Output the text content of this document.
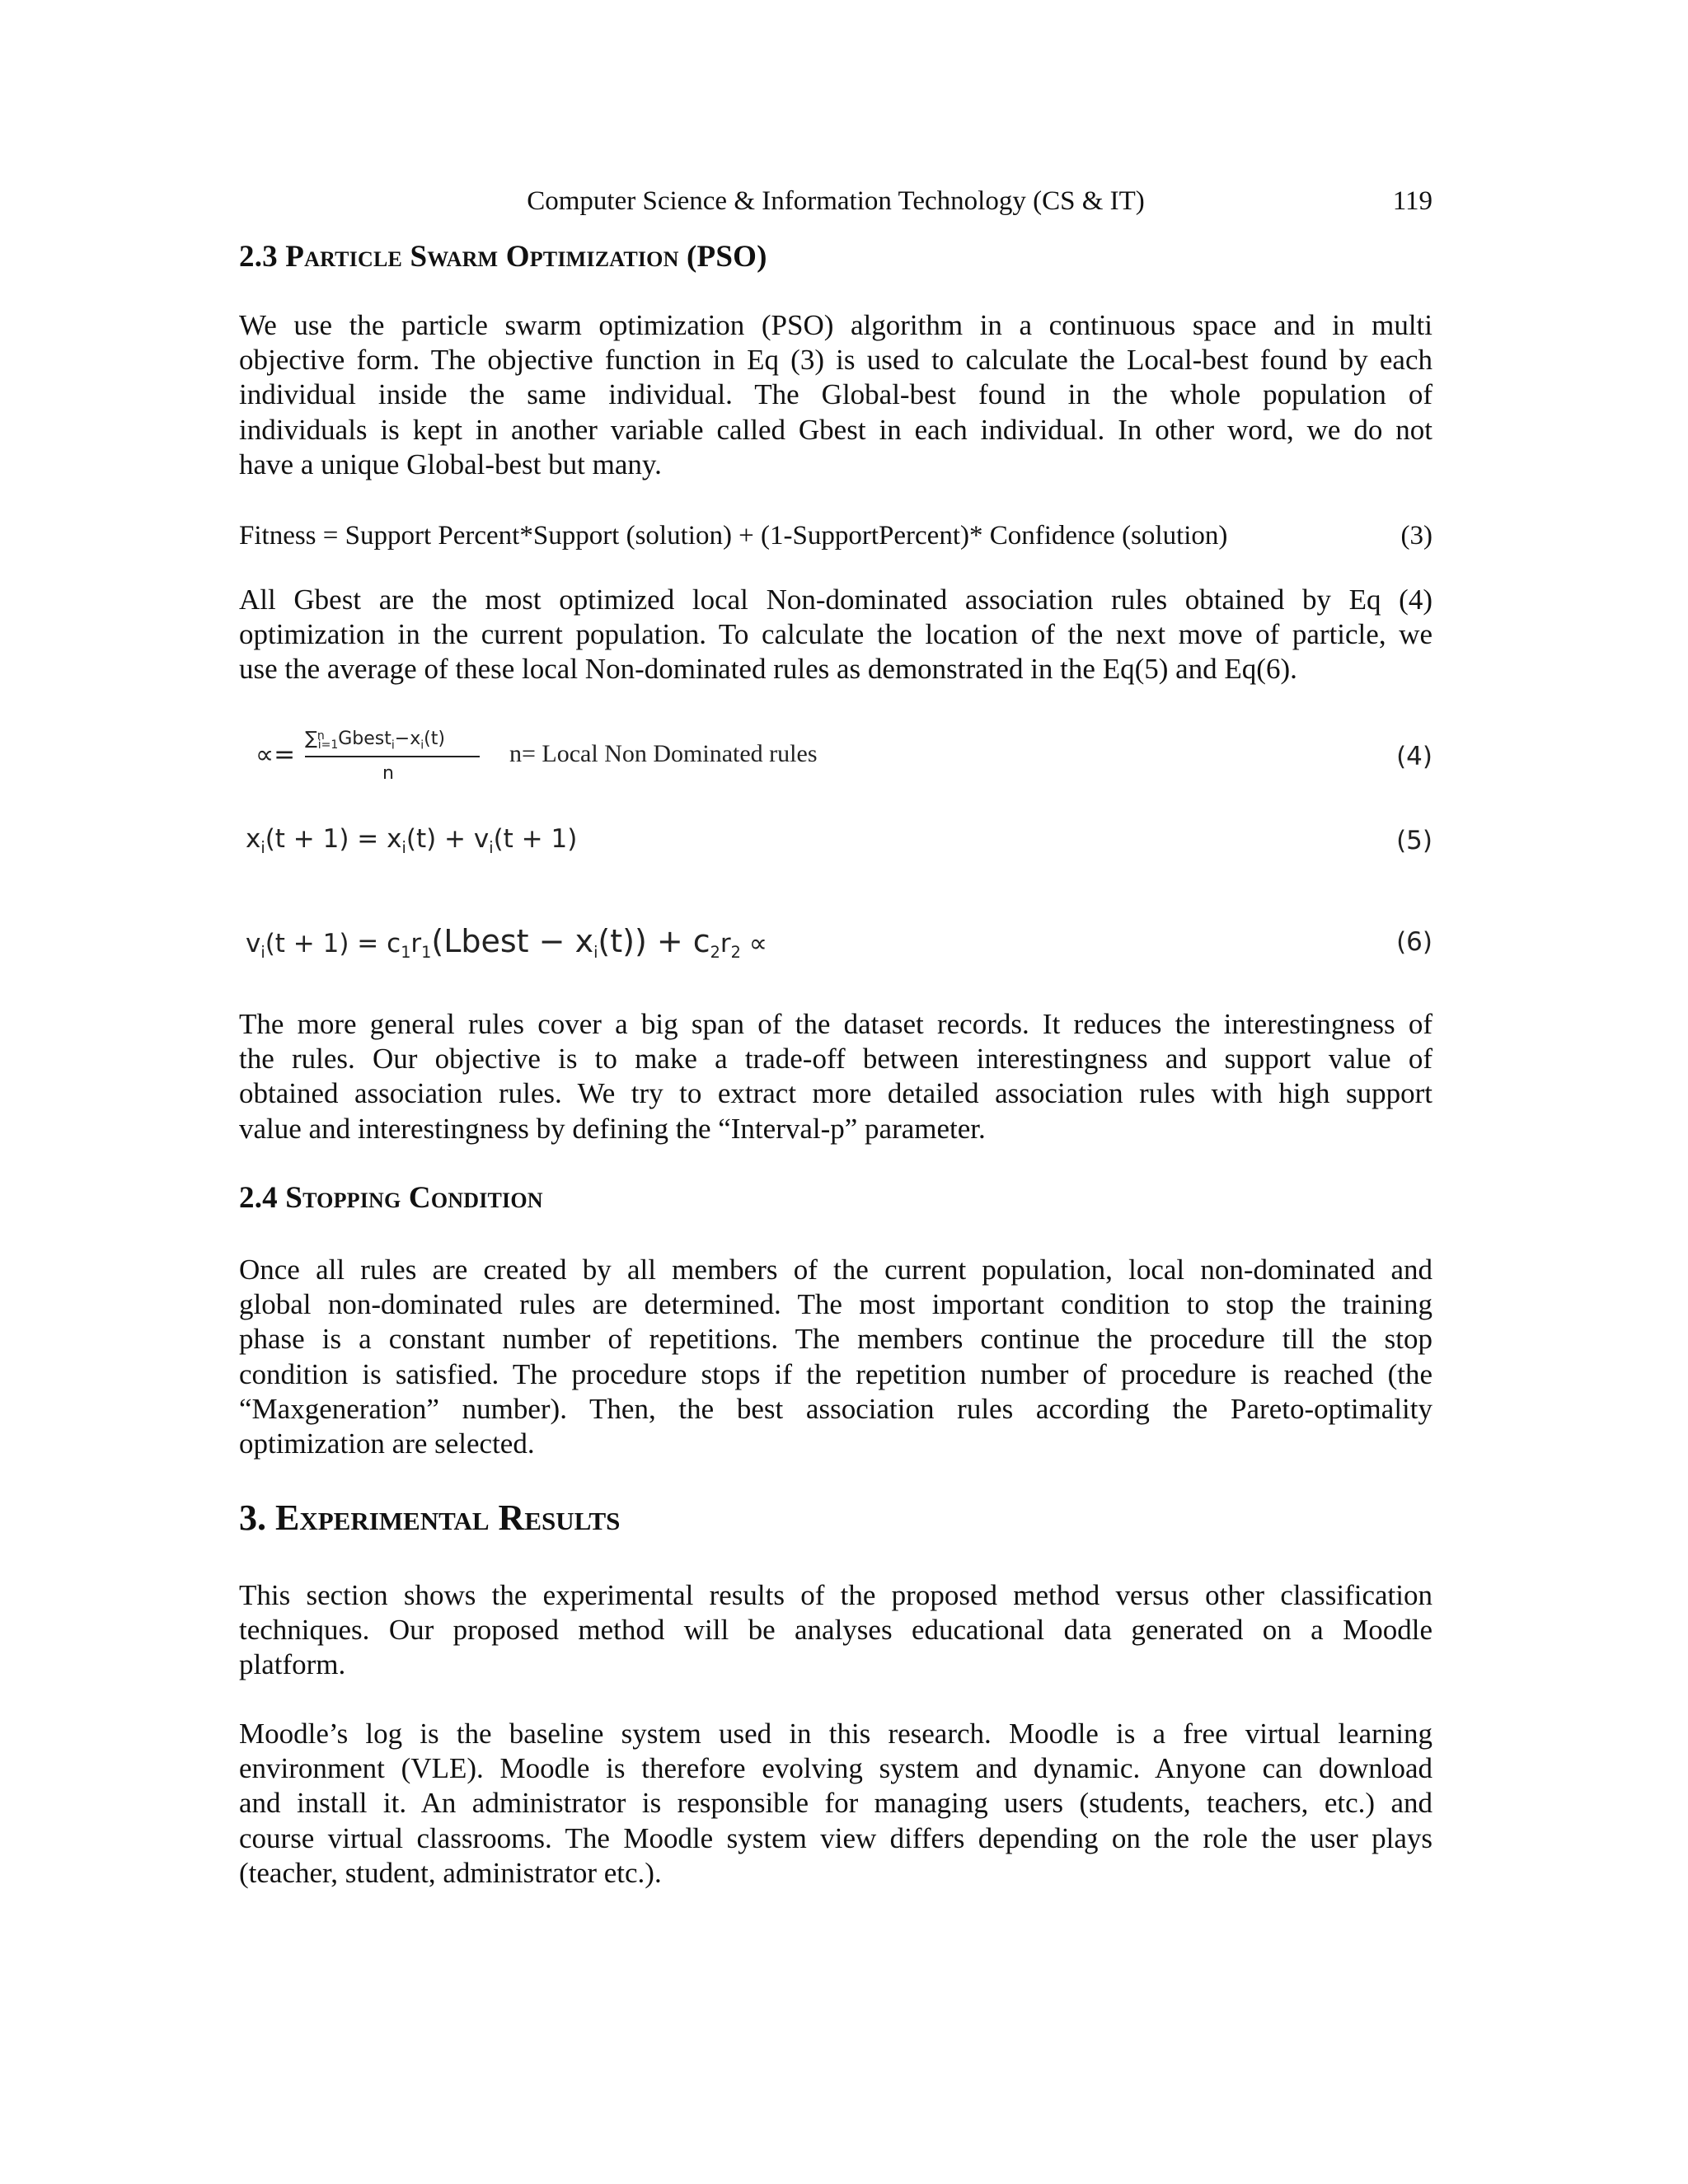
Computer Science & Information Technology (CS & IT)	119
2.3 Particle Swarm Optimization (PSO)
We use the particle swarm optimization (PSO) algorithm in a continuous space and in multi
objective form. The objective function in Eq (3) is used to calculate the Local-best found by each
individual inside the same individual. The Global-best found in the whole population of
individuals is kept in another variable called Gbest in each individual. In other word, we do not
have a unique Global-best but many.
Fitness = Support Percent*Support (solution) + (1-SupportPercent)* Confidence (solution)	(3)
All Gbest are the most optimized local Non-dominated association rules obtained by Eq (4)
optimization in the current population. To calculate the location of the next move of particle, we
use the average of these local Non-dominated rules as demonstrated in the Eq(5) and Eq(6).
∝=
$\sum^n_{i=1}Gbest_i-x_i(t)$
n
n= Local Non Dominated rules	(4)
$x_i(t + 1) = x_i(t) + v_i(t + 1)$	(5)
$v_i(t + 1)$ = $c_1r_1(Lbest - x_i(t)) + c_2r_2$ ∝	(6)
The more general rules cover a big span of the dataset records. It reduces the interestingness of
the rules. Our objective is to make a trade-off between interestingness and support value of
obtained association rules. We try to extract more detailed association rules with high support
value and interestingness by defining the “Interval-p” parameter.
2.4 Stopping Condition
Once all rules are created by all members of the current population, local non-dominated and
global non-dominated rules are determined. The most important condition to stop the training
phase is a constant number of repetitions. The members continue the procedure till the stop
condition is satisfied. The procedure stops if the repetition number of procedure is reached (the
“Maxgeneration” number). Then, the best association rules according the Pareto-optimality
optimization are selected.
3. Experimental Results
This section shows the experimental results of the proposed method versus other classification
techniques. Our proposed method will be analyses educational data generated on a Moodle
platform.
Moodle’s log is the baseline system used in this research. Moodle is a free virtual learning
environment (VLE). Moodle is therefore evolving system and dynamic. Anyone can download
and install it. An administrator is responsible for managing users (students, teachers, etc.) and
course virtual classrooms. The Moodle system view differs depending on the role the user plays
(teacher, student, administrator etc.).
